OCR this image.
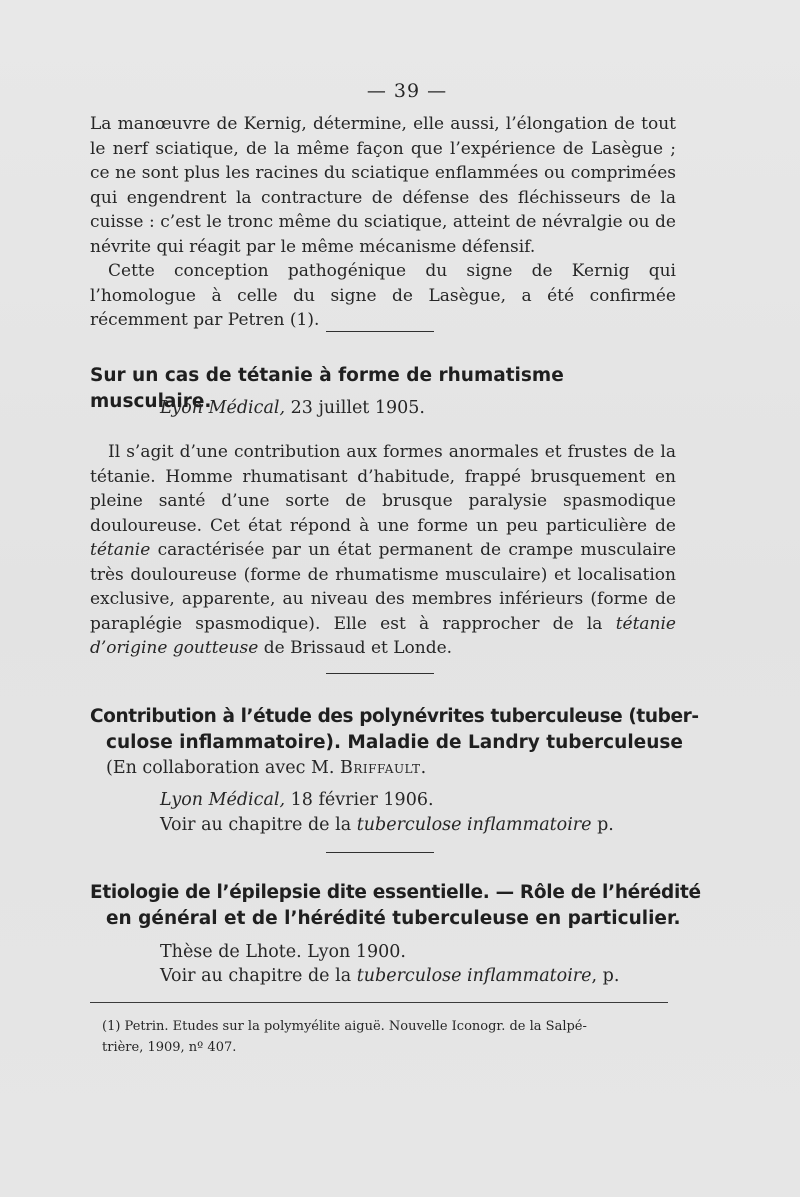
— 39 —

La manœuvre de Kernig, détermine, elle aussi, l’élongation de tout le nerf sciatique, de la même façon que l’expérience de Lasègue ; ce ne sont plus les racines du sciatique enflammées ou comprimées qui engendrent la contracture de défense des fléchisseurs de la cuisse : c’est le tronc même du sciatique, atteint de névralgie ou de névrite qui réagit par le même mécanisme défensif.

Cette conception pathogénique du signe de Kernig qui l’homologue à celle du signe de Lasègue, a été confirmée récemment par Petren (1).

Sur un cas de tétanie à forme de rhumatisme musculaire.
Lyon Médical, 23 juillet 1905.

Il s’agit d’une contribution aux formes anormales et frustes de la tétanie. Homme rhumatisant d’habitude, frappé brusquement en pleine santé d’une sorte de brusque paralysie spasmodique douloureuse. Cet état répond à une forme un peu particulière de tétanie caractérisée par un état permanent de crampe musculaire très douloureuse (forme de rhumatisme musculaire) et localisation exclusive, apparente, au niveau des membres inférieurs (forme de paraplégie spasmodique). Elle est à rapprocher de la tétanie d’origine goutteuse de Brissaud et Londe.

Contribution à l’étude des polynévrites tuberculeuse (tuber-
culose inflammatoire). Maladie de Landry tuberculeuse
(En collaboration avec M. Briffault.
Lyon Médical, 18 février 1906.
Voir au chapitre de la tuberculose inflammatoire p.
Etiologie de l’épilepsie dite essentielle. — Rôle de l’hérédité
en général et de l’hérédité tuberculeuse en particulier.
Thèse de Lhote. Lyon 1900.
Voir au chapitre de la tuberculose inflammatoire, p.
(1) Petrin. Etudes sur la polymyélite aiguë. Nouvelle Iconogr. de la Salpé-
trière, 1909, nº 407.
